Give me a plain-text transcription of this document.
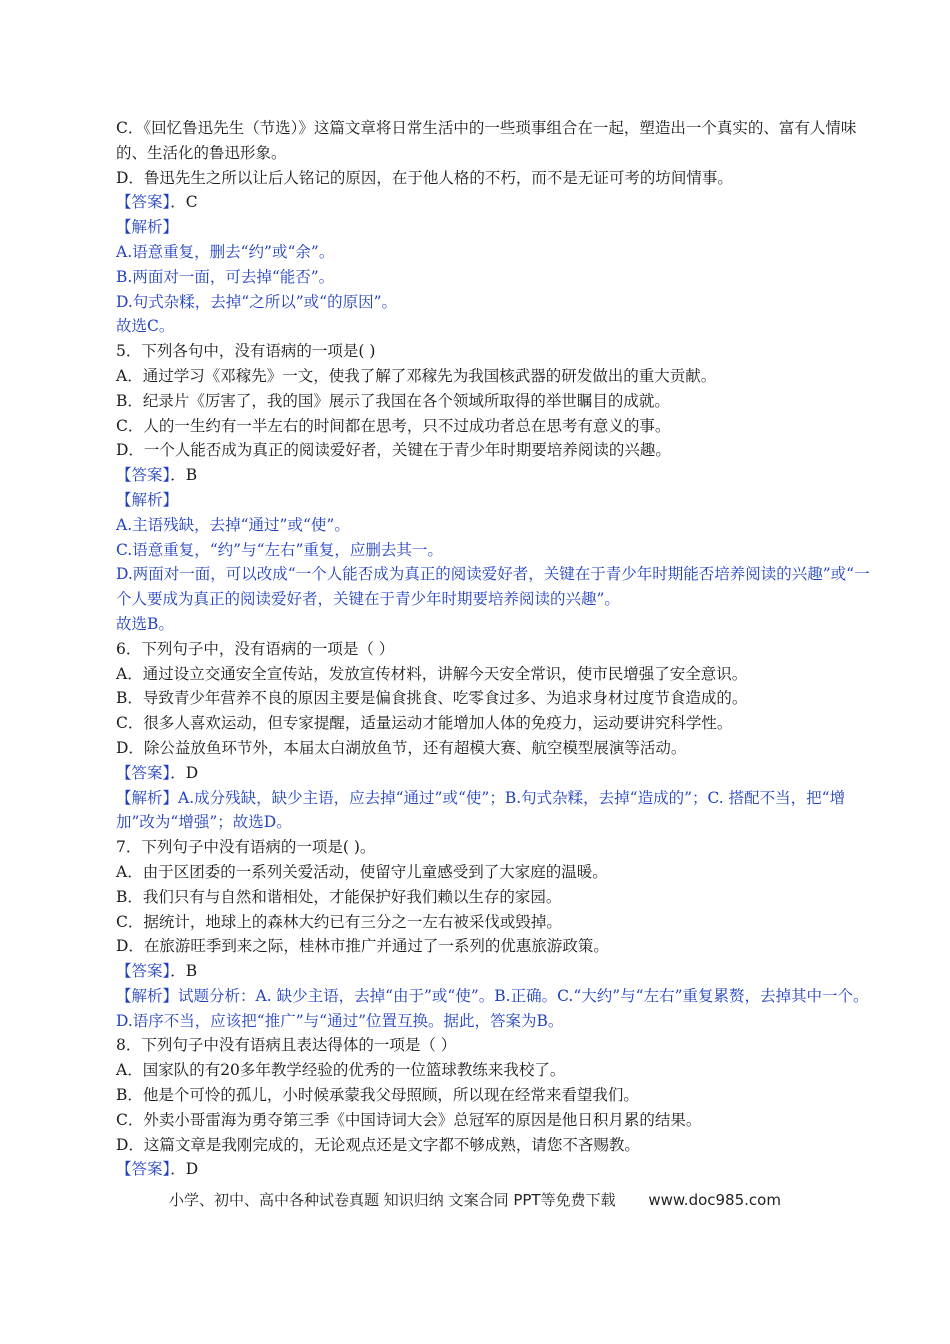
C．《回忆鲁迅先生（节选）》这篇文章将日常生活中的一些琐事组合在一起，塑造出一个真实的、富有人情味的、生活化的鲁迅形象。
D．鲁迅先生之所以让后人铭记的原因，在于他人格的不朽，而不是无证可考的坊间情事。
【答案】．C
【解析】
A.语意重复，删去“约”或“余”。
B.两面对一面，可去掉“能否”。
D.句式杂糅，去掉“之所以”或“的原因”。
故选C。
5．下列各句中，没有语病的一项是( )
A．通过学习《邓稼先》一文，使我了解了邓稼先为我国核武器的研发做出的重大贡献。
B．纪录片《厉害了，我的国》展示了我国在各个领域所取得的举世瞩目的成就。
C．人的一生约有一半左右的时间都在思考，只不过成功者总在思考有意义的事。
D．一个人能否成为真正的阅读爱好者，关键在于青少年时期要培养阅读的兴趣。
【答案】．B
【解析】
A.主语残缺，去掉“通过”或“使”。
C.语意重复，“约”与“左右”重复，应删去其一。
D.两面对一面，可以改成“一个人能否成为真正的阅读爱好者，关键在于青少年时期能否培养阅读的兴趣”或“一个人要成为真正的阅读爱好者，关键在于青少年时期要培养阅读的兴趣”。
故选B。
6．下列句子中，没有语病的一项是（ ）
A．通过设立交通安全宣传站，发放宣传材料，讲解今天安全常识，使市民增强了安全意识。
B．导致青少年营养不良的原因主要是偏食挑食、吃零食过多、为追求身材过度节食造成的。
C．很多人喜欢运动，但专家提醒，适量运动才能增加人体的免疫力，运动要讲究科学性。
D．除公益放鱼环节外，本届太白湖放鱼节，还有超模大赛、航空模型展演等活动。
【答案】．D
【解析】A.成分残缺，缺少主语，应去掉“通过”或“使”；B.句式杂糅，去掉“造成的”；C. 搭配不当，把“增加”改为“增强”；故选D。
7．下列句子中没有语病的一项是( )。
A．由于区团委的一系列关爱活动，使留守儿童感受到了大家庭的温暖。
B．我们只有与自然和谐相处，才能保护好我们赖以生存的家园。
C．据统计，地球上的森林大约已有三分之一左右被采伐或毁掉。
D．在旅游旺季到来之际，桂林市推广并通过了一系列的优惠旅游政策。
【答案】．B
【解析】试题分析：A. 缺少主语，去掉“由于”或“使”。B.正确。C.“大约”与“左右”重复累赘，去掉其中一个。D.语序不当，应该把“推广”与“通过”位置互换。据此，答案为B。
8．下列句子中没有语病且表达得体的一项是（ ）
A．国家队的有20多年教学经验的优秀的一位篮球教练来我校了。
B．他是个可怜的孤儿，小时候承蒙我父母照顾，所以现在经常来看望我们。
C．外卖小哥雷海为勇夺第三季《中国诗词大会》总冠军的原因是他日积月累的结果。
D．这篇文章是我刚完成的，无论观点还是文字都不够成熟，请您不吝赐教。
【答案】．D
小学、初中、高中各种试卷真题 知识归纳 文案合同 PPT等免费下载 www.doc985.com
